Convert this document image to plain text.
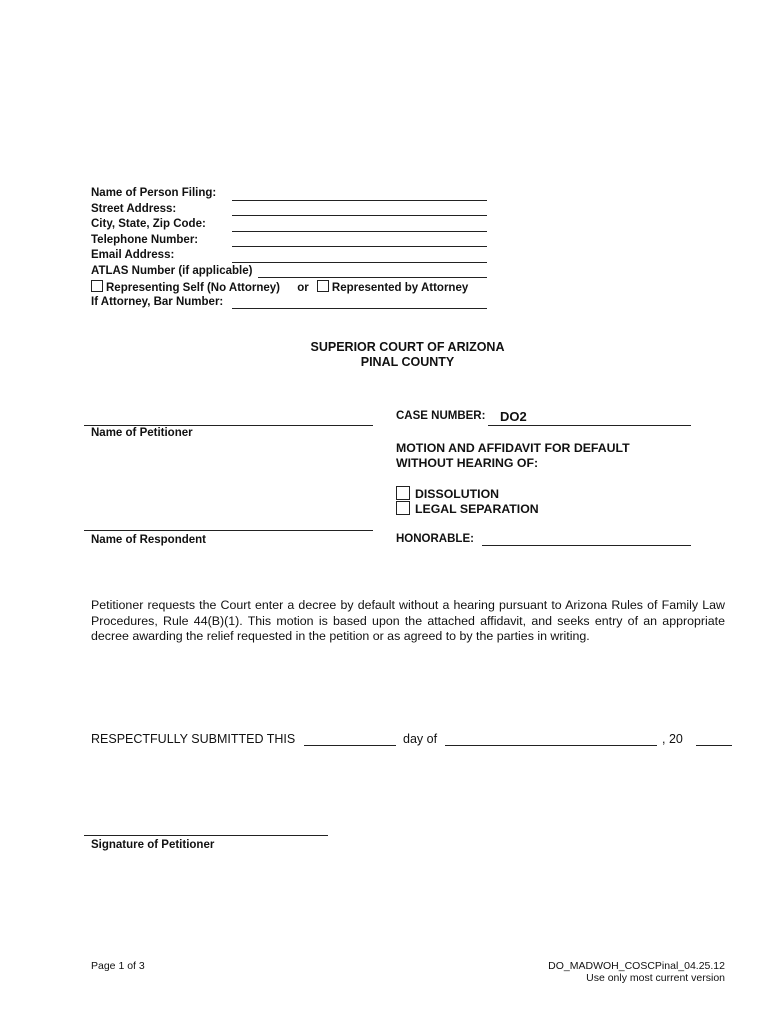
Name of Person Filing:
Street Address:
City, State, Zip Code:
Telephone Number:
Email Address:
ATLAS Number (if applicable)
Representing Self (No Attorney) or Represented by Attorney
If Attorney, Bar Number:
SUPERIOR COURT OF ARIZONA
PINAL COUNTY
Name of Petitioner
Name of Respondent
CASE NUMBER: DO2
MOTION AND AFFIDAVIT FOR DEFAULT
WITHOUT HEARING OF:
DISSOLUTION
LEGAL SEPARATION
HONORABLE:
Petitioner requests the Court enter a decree by default without a hearing pursuant to Arizona Rules of Family Law Procedures, Rule 44(B)(1). This motion is based upon the attached affidavit, and seeks entry of an appropriate decree awarding the relief requested in the petition or as agreed to by the parties in writing.
RESPECTFULLY SUBMITTED THIS	day of	, 20
Signature of Petitioner
Page 1 of 3	DO_MADWOH_COSCPinal_04.25.12
Use only most current version
